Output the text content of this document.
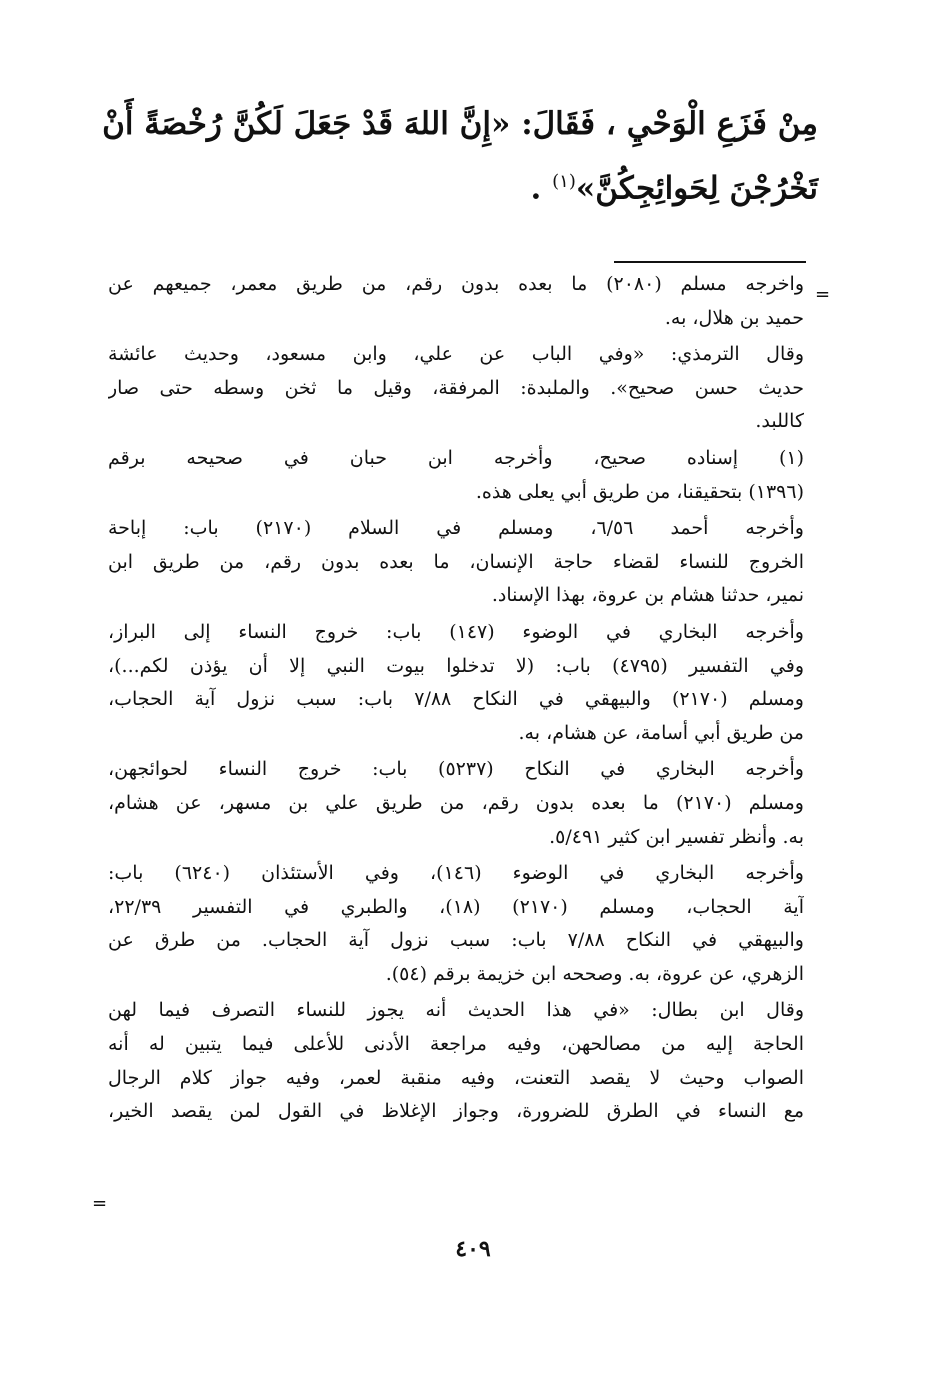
مِنْ فَزَعِ الْوَحْيِ ، فَقَالَ: «إِنَّ اللهَ قَدْ جَعَلَ لَكُنَّ رُخْصَةً أَنْ
تَخْرُجْنَ لِحَوائِجِكُنَّ»$^{(١)}$ .
=

واخرجه مسلم (٢٠٨٠) ما بعده بدون رقم، من طريق معمر، جميعهم عن
حميد بن هلال، به.

وقال الترمذي: «وفي الباب عن علي، وابن مسعود، وحديث عائشة
حديث حسن صحيح». والملبدة: المرفقة، وقيل ما ثخن وسطه حتى صار
كاللبد.

(١) إسناده صحيح، وأخرجه ابن حبان في صحيحه برقم
(١٣٩٦) بتحقيقنا، من طريق أبي يعلى هذه.

وأخرجه أحمد ٦/٥٦، ومسلم في السلام (٢١٧٠) باب: إباحة
الخروج للنساء لقضاء حاجة الإنسان، ما بعده بدون رقم، من طريق ابن
نمير، حدثنا هشام بن عروة، بهذا الإسناد.

وأخرجه البخاري في الوضوء (١٤٧) باب: خروج النساء إلى البراز،
وفي التفسير (٤٧٩٥) باب: (لا تدخلوا بيوت النبي إلا أن يؤذن لكم...)،
ومسلم (٢١٧٠) والبيهقي في النكاح ٧/٨٨ باب: سبب نزول آية الحجاب،
من طريق أبي أسامة، عن هشام، به.

وأخرجه البخاري في النكاح (٥٢٣٧) باب: خروج النساء لحوائجهن،
ومسلم (٢١٧٠) ما بعده بدون رقم، من طريق علي بن مسهر، عن هشام،
به. وأنظر تفسير ابن كثير ٥/٤٩١.

وأخرجه البخاري في الوضوء (١٤٦)، وفي الأستئذان (٦٢٤٠) باب:
آية الحجاب، ومسلم (٢١٧٠) (١٨)، والطبري في التفسير ٢٢/٣٩،
والبيهقي في النكاح ٧/٨٨ باب: سبب نزول آية الحجاب. من طرق عن
الزهري، عن عروة، به. وصححه ابن خزيمة برقم (٥٤).

وقال ابن بطال: «في هذا الحديث أنه يجوز للنساء التصرف فيما لهن
الحاجة إليه من مصالحهن، وفيه مراجعة الأدنى للأعلى فيما يتبين له أنه
الصواب وحيث لا يقصد التعنت، وفيه منقبة لعمر، وفيه جواز كلام الرجال
مع النساء في الطرق للضرورة، وجواز الإغلاظ في القول لمن يقصد الخير،

=
٤٠٩
